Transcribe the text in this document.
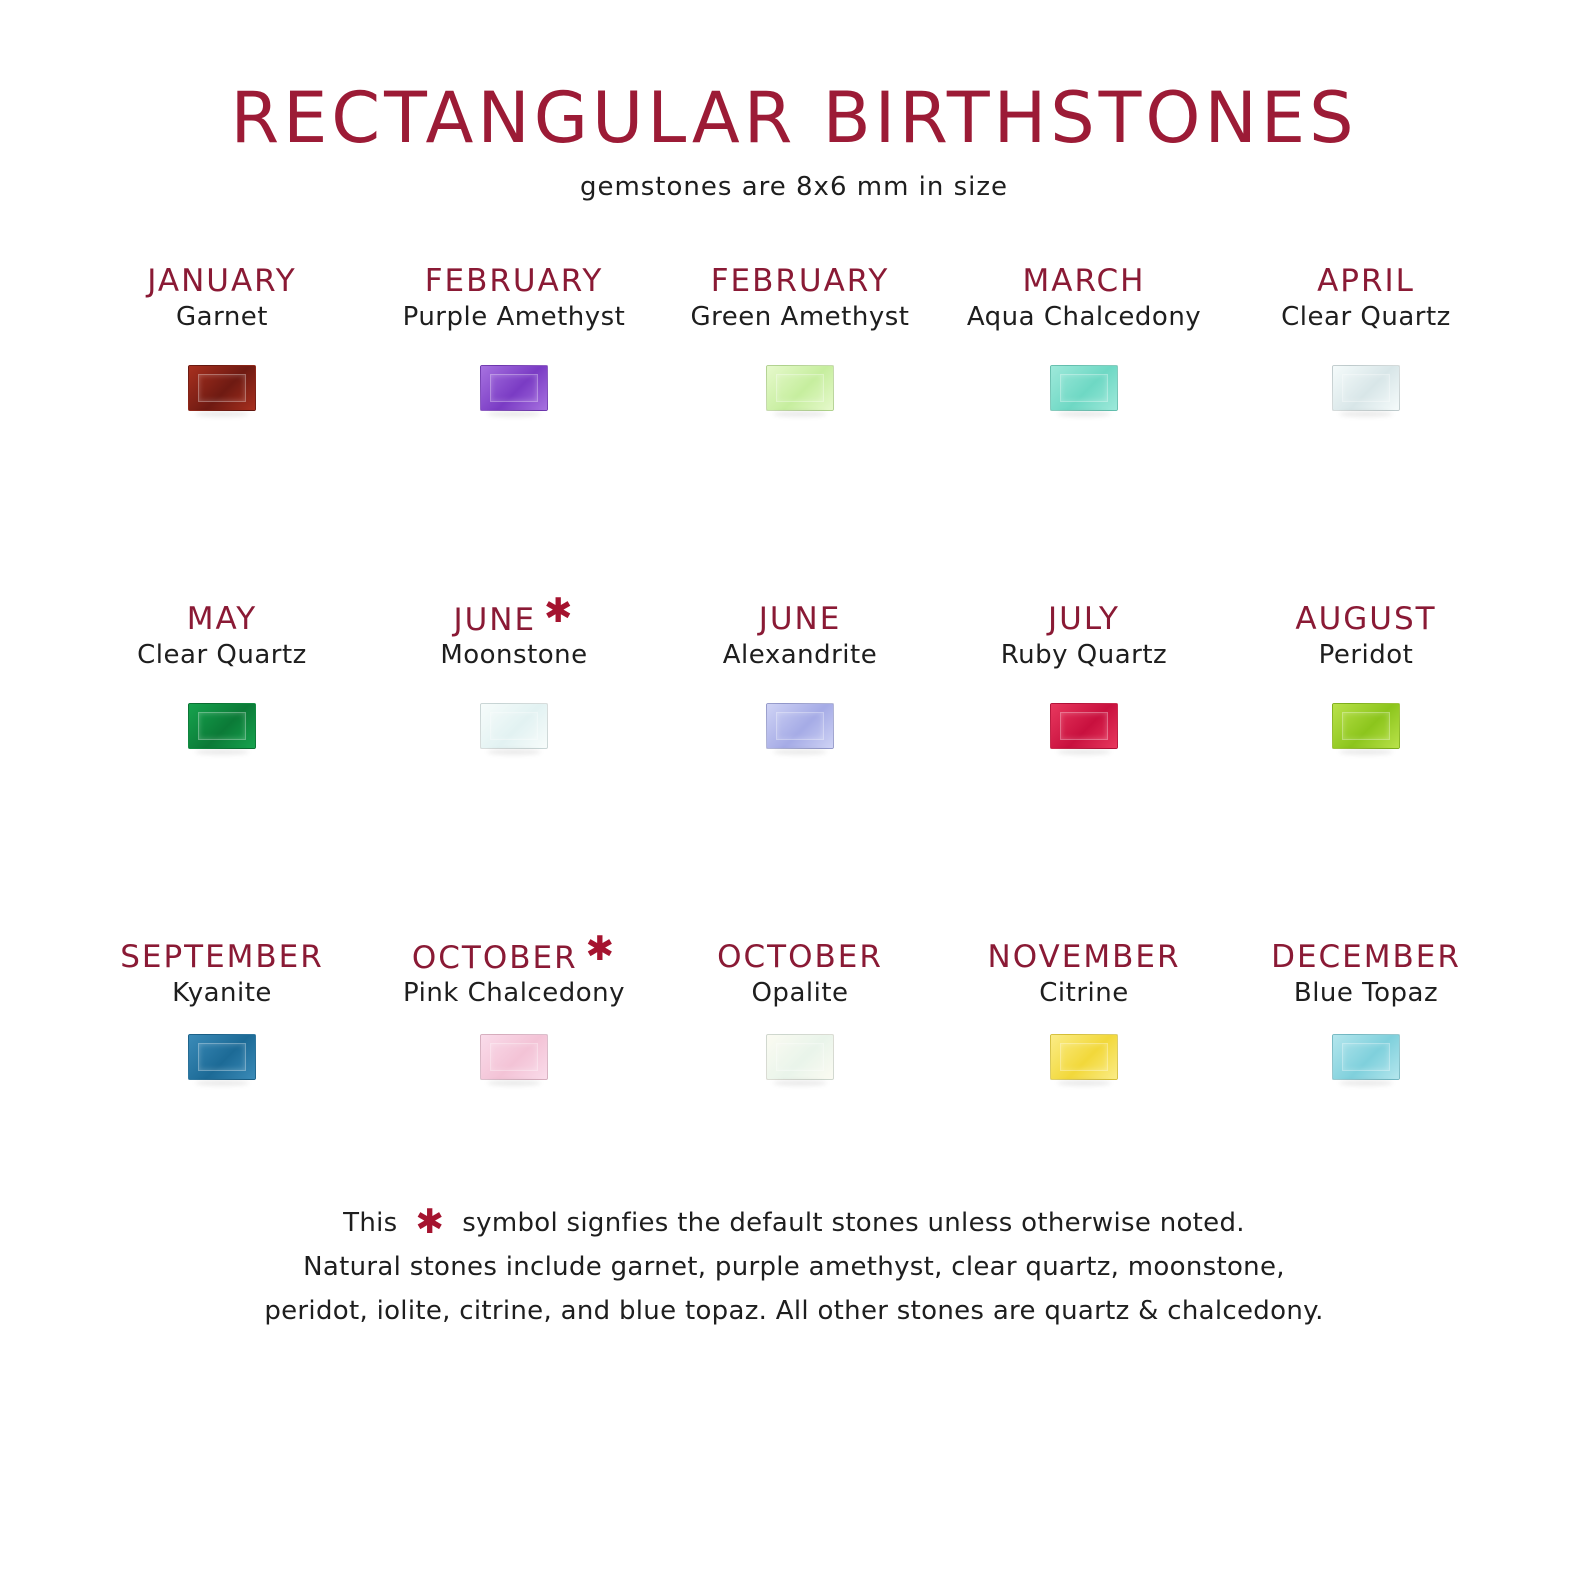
RECTANGULAR BIRTHSTONES

gemstones are 8x6 mm in size

JANUARY
Garnet
FEBRUARY
Purple Amethyst
FEBRUARY
Green Amethyst
MARCH
Aqua Chalcedony
APRIL
Clear Quartz
MAY
Clear Quartz
JUNE ✱
Moonstone
JUNE
Alexandrite
JULY
Ruby Quartz
AUGUST
Peridot
SEPTEMBER
Kyanite
OCTOBER ✱
Pink Chalcedony
OCTOBER
Opalite
NOVEMBER
Citrine
DECEMBER
Blue Topaz

This ✱ symbol signfies the default stones unless otherwise noted.

Natural stones include garnet, purple amethyst, clear quartz, moonstone,

peridot, iolite, citrine, and blue topaz. All other stones are quartz & chalcedony.
